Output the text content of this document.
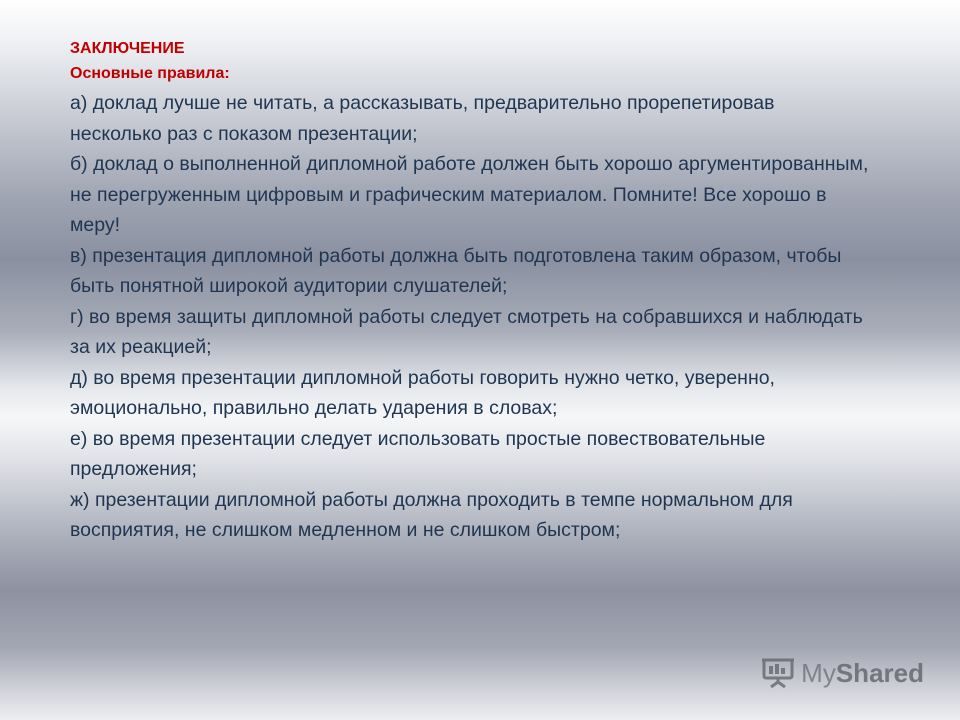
ЗАКЛЮЧЕНИЕ

Основные правила:

а) доклад лучше не читать, а рассказывать, предварительно прорепетировав несколько раз с показом презентации;
б) доклад о выполненной дипломной работе должен быть хорошо аргументированным, не перегруженным цифровым и графическим материалом. Помните! Все хорошо в меру!
в) презентация дипломной работы должна быть подготовлена таким образом, чтобы быть понятной широкой аудитории слушателей;
г) во время защиты дипломной работы следует смотреть на собравшихся и наблюдать за их реакцией;
д) во время презентации дипломной работы говорить нужно четко, уверенно, эмоционально, правильно делать ударения в словах;
е) во время презентации следует использовать простые повествовательные предложения;
ж) презентации дипломной работы должна проходить в темпе нормальном для восприятия, не слишком медленном и не слишком быстром;
MyShared
